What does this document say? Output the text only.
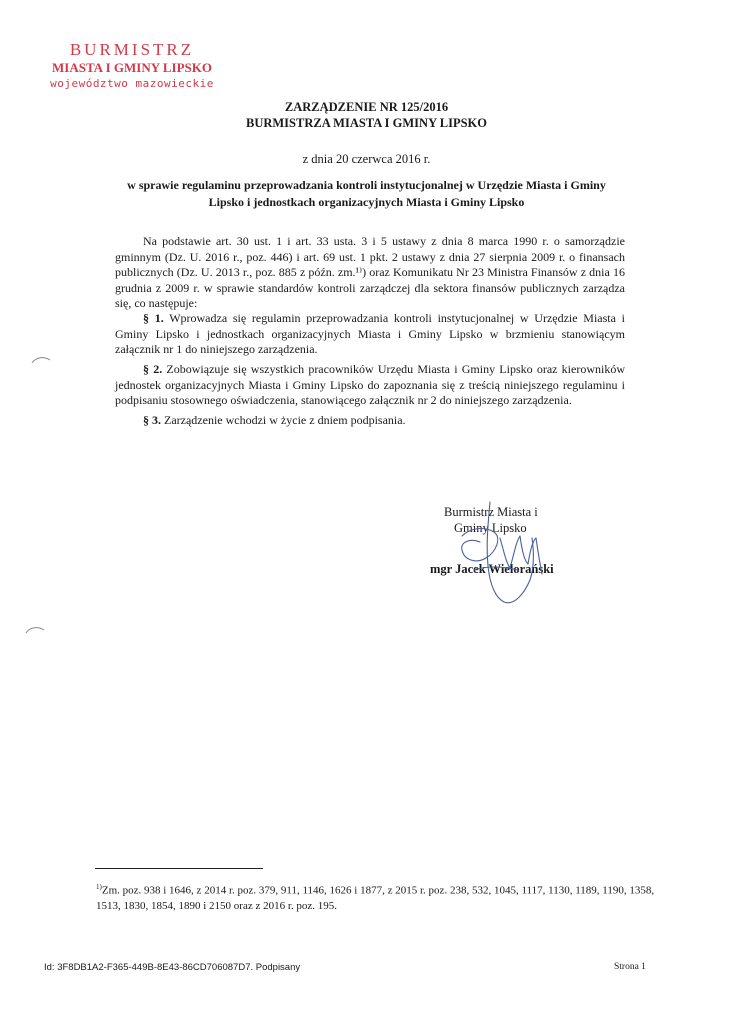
BURMISTRZ
MIASTA I GMINY LIPSKO
województwo mazowieckie
ZARZĄDZENIE NR 125/2016
BURMISTRZA MIASTA I GMINY LIPSKO
z dnia 20 czerwca 2016 r.
w sprawie regulaminu przeprowadzania kontroli instytucjonalnej w Urzędzie Miasta i Gminy Lipsko i jednostkach organizacyjnych Miasta i Gminy Lipsko

Na podstawie art. 30 ust. 1 i art. 33 usta. 3 i 5 ustawy z dnia 8 marca 1990 r. o samorządzie gminnym (Dz. U. 2016 r., poz. 446) i art. 69 ust. 1 pkt. 2 ustawy z dnia 27 sierpnia 2009 r. o finansach publicznych (Dz. U. 2013 r., poz. 885 z późn. zm.¹⁾) oraz Komunikatu Nr 23 Ministra Finansów z dnia 16 grudnia z 2009 r. w sprawie standardów kontroli zarządczej dla sektora finansów publicznych zarządza się, co następuje:

§ 1. Wprowadza się regulamin przeprowadzania kontroli instytucjonalnej w Urzędzie Miasta i Gminy Lipsko i jednostkach organizacyjnych Miasta i Gminy Lipsko w brzmieniu stanowiącym załącznik nr 1 do niniejszego zarządzenia.

§ 2. Zobowiązuje się wszystkich pracowników Urzędu Miasta i Gminy Lipsko oraz kierowników jednostek organizacyjnych Miasta i Gminy Lipsko do zapoznania się z treścią niniejszego regulaminu i podpisaniu stosownego oświadczenia, stanowiącego załącznik nr 2 do niniejszego zarządzenia.

§ 3. Zarządzenie wchodzi w życie z dniem podpisania.

Burmistrz Miasta i
Gminy Lipsko
mgr Jacek Wielorański

$^{1)}$Zm. poz. 938 i 1646, z 2014 r. poz. 379, 911, 1146, 1626 i 1877, z 2015 r. poz. 238, 532, 1045, 1117, 1130, 1189, 1190, 1358, 1513, 1830, 1854, 1890 i 2150 oraz z 2016 r. poz. 195.

Id: 3F8DB1A2-F365-449B-8E43-86CD706087D7. Podpisany	Strona 1
